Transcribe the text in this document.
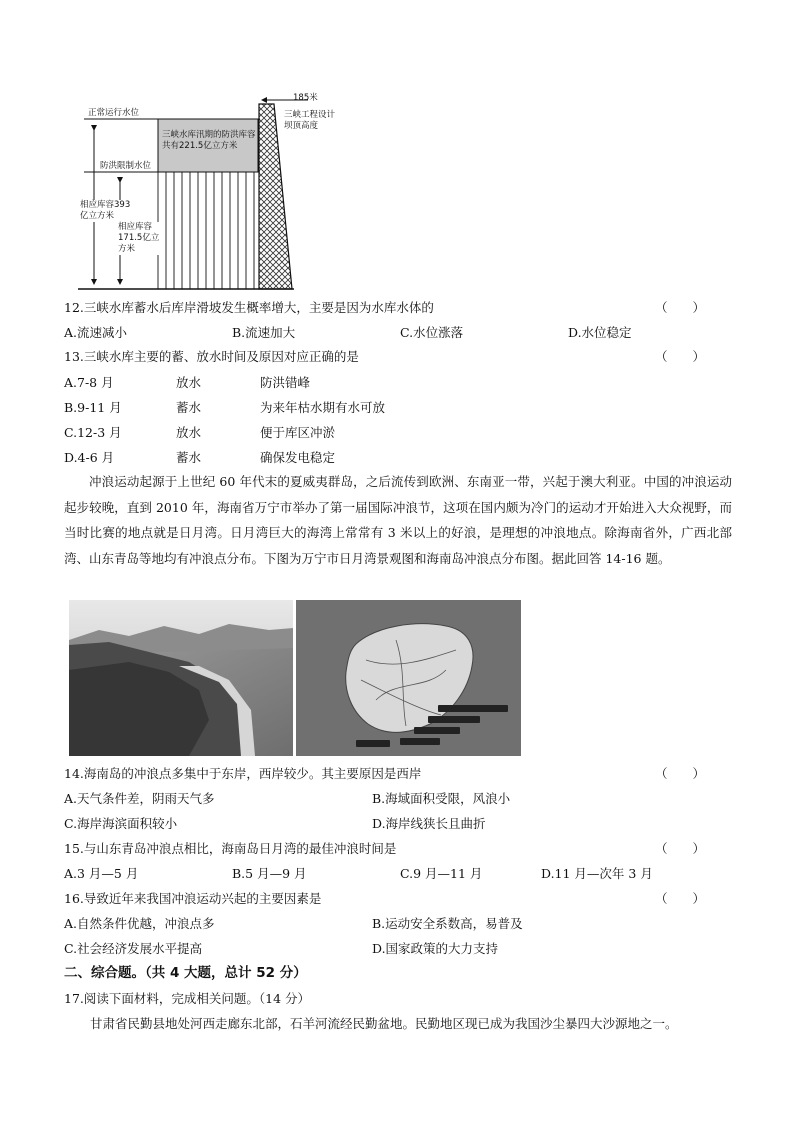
正常运行水位
防洪限制水位
三峡水库汛期的防洪库容共有221.5亿立方米
相应库容393亿立方米
相应库容171.5亿立方米
185米
三峡工程设计坝顶高度
12.三峡水库蓄水后库岸滑坡发生概率增大，主要是因为水库水体的	（　　）
A.流速减小	B.流速加大	C.水位涨落	D.水位稳定
13.三峡水库主要的蓄、放水时间及原因对应正确的是	（　　）
A.7-8 月	放水	防洪错峰
B.9-11 月	蓄水	为来年枯水期有水可放
C.12-3 月	放水	便于库区冲淤
D.4-6 月	蓄水	确保发电稳定
冲浪运动起源于上世纪 60 年代末的夏威夷群岛，之后流传到欧洲、东南亚一带，兴起于澳大利亚。中国的冲浪运动起步较晚，直到 2010 年，海南省万宁市举办了第一届国际冲浪节，这项在国内颇为冷门的运动才开始进入大众视野，而当时比赛的地点就是日月湾。日月湾巨大的海湾上常常有 3 米以上的好浪，是理想的冲浪地点。除海南省外，广西北部湾、山东青岛等地均有冲浪点分布。下图为万宁市日月湾景观图和海南岛冲浪点分布图。据此回答 14-16 题。
14.海南岛的冲浪点多集中于东岸，西岸较少。其主要原因是西岸	（　　）
A.天气条件差，阴雨天气多	B.海域面积受限，风浪小
C.海岸海滨面积较小	D.海岸线狭长且曲折
15.与山东青岛冲浪点相比，海南岛日月湾的最佳冲浪时间是	（　　）
A.3 月—5 月	B.5 月—9 月	C.9 月—11 月	D.11 月—次年 3 月
16.导致近年来我国冲浪运动兴起的主要因素是	（　　）
A.自然条件优越，冲浪点多	B.运动安全系数高，易普及
C.社会经济发展水平提高	D.国家政策的大力支持
二、综合题。（共 4 大题，总计 52 分）
17.阅读下面材料，完成相关问题。（14 分）
甘肃省民勤县地处河西走廊东北部，石羊河流经民勤盆地。民勤地区现已成为我国沙尘暴四大沙源地之一。
